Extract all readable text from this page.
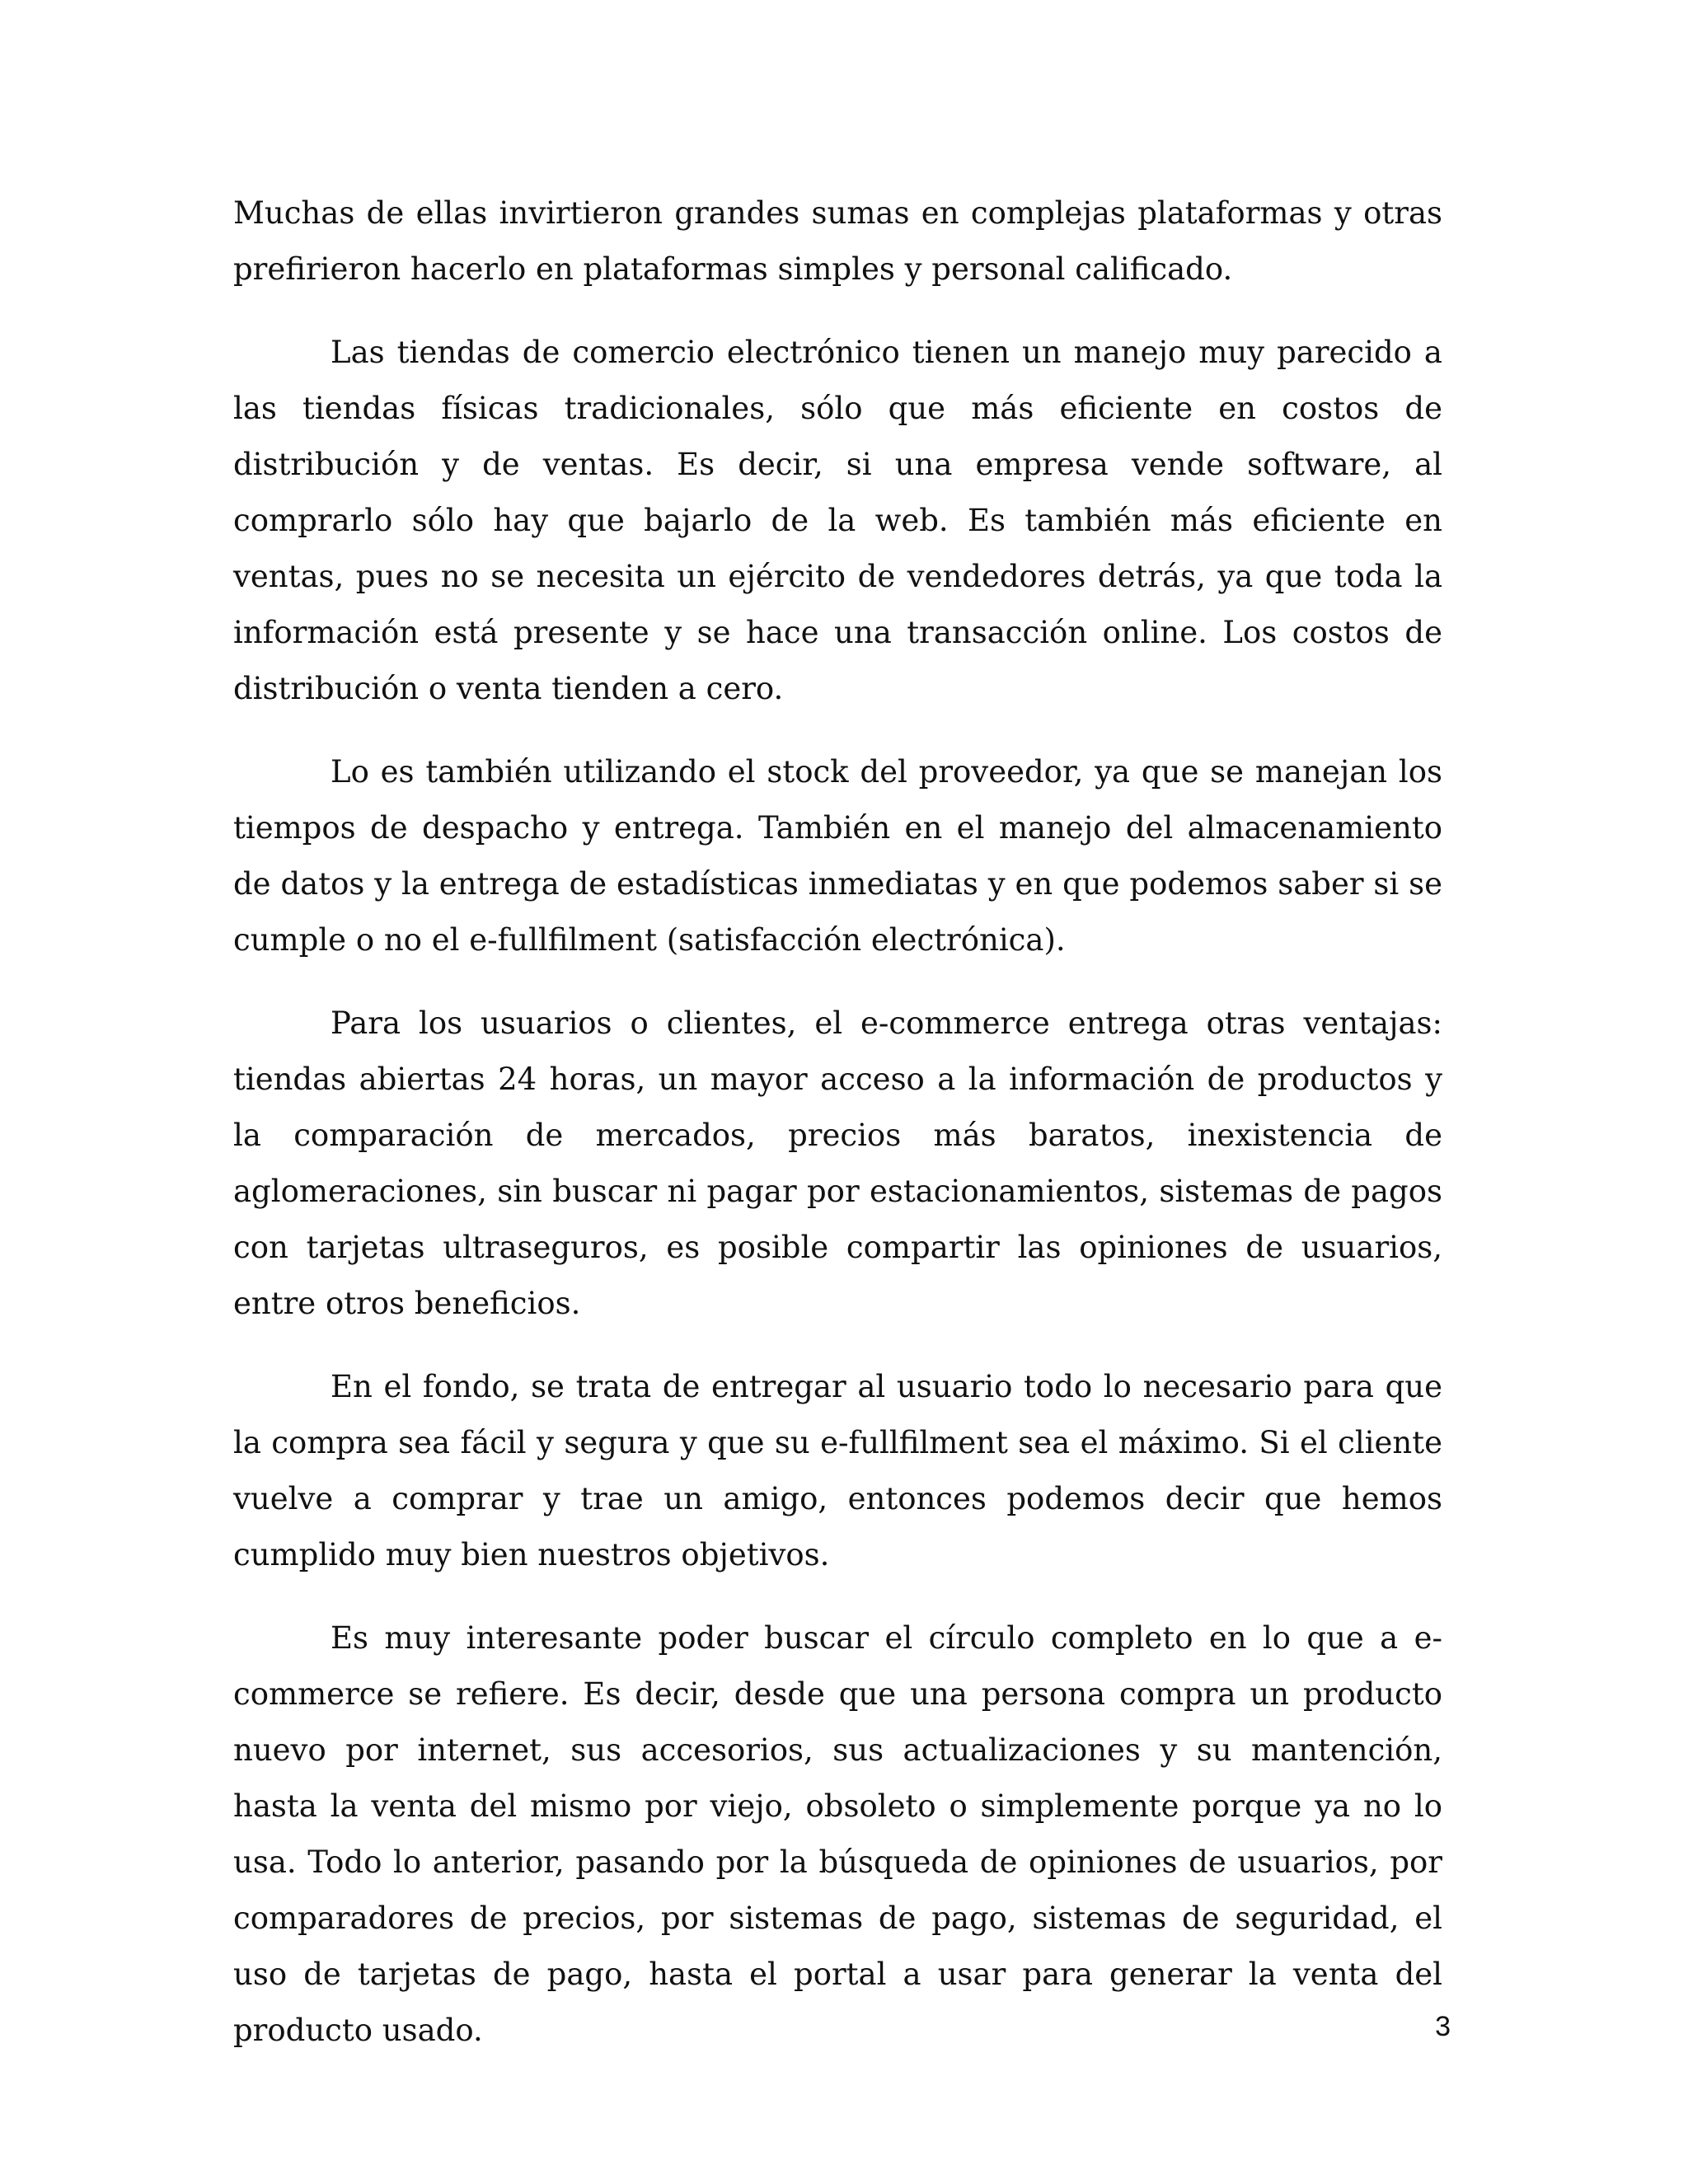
Muchas de ellas invirtieron grandes sumas en complejas plataformas y otras prefirieron hacerlo en plataformas simples y personal calificado.

Las tiendas de comercio electrónico tienen un manejo muy parecido a las tiendas físicas tradicionales, sólo que más eficiente en costos de distribución y de ventas. Es decir, si una empresa vende software, al comprarlo sólo hay que bajarlo de la web. Es también más eficiente en ventas, pues no se necesita un ejército de vendedores detrás, ya que toda la información está presente y se hace una transacción online. Los costos de distribución o venta tienden a cero.

Lo es también utilizando el stock del proveedor, ya que se manejan los tiempos de despacho y entrega. También en el manejo del almacenamiento de datos y la entrega de estadísticas inmediatas y en que podemos saber si se cumple o no el e-fullfilment (satisfacción electrónica).

Para los usuarios o clientes, el e-commerce entrega otras ventajas: tiendas abiertas 24 horas, un mayor acceso a la información de productos y la comparación de mercados, precios más baratos, inexistencia de aglomeraciones, sin buscar ni pagar por estacionamientos, sistemas de pagos con tarjetas ultraseguros, es posible compartir las opiniones de usuarios, entre otros beneficios.

En el fondo, se trata de entregar al usuario todo lo necesario para que la compra sea fácil y segura y que su e-fullfilment sea el máximo. Si el cliente vuelve a comprar y trae un amigo, entonces podemos decir que hemos cumplido muy bien nuestros objetivos.

Es muy interesante poder buscar el círculo completo en lo que a e-commerce se refiere. Es decir, desde que una persona compra un producto nuevo por internet, sus accesorios, sus actualizaciones y su mantención, hasta la venta del mismo por viejo, obsoleto o simplemente porque ya no lo usa. Todo lo anterior, pasando por la búsqueda de opiniones de usuarios, por comparadores de precios, por sistemas de pago, sistemas de seguridad, el uso de tarjetas de pago, hasta el portal a usar para generar la venta del producto usado.	3
